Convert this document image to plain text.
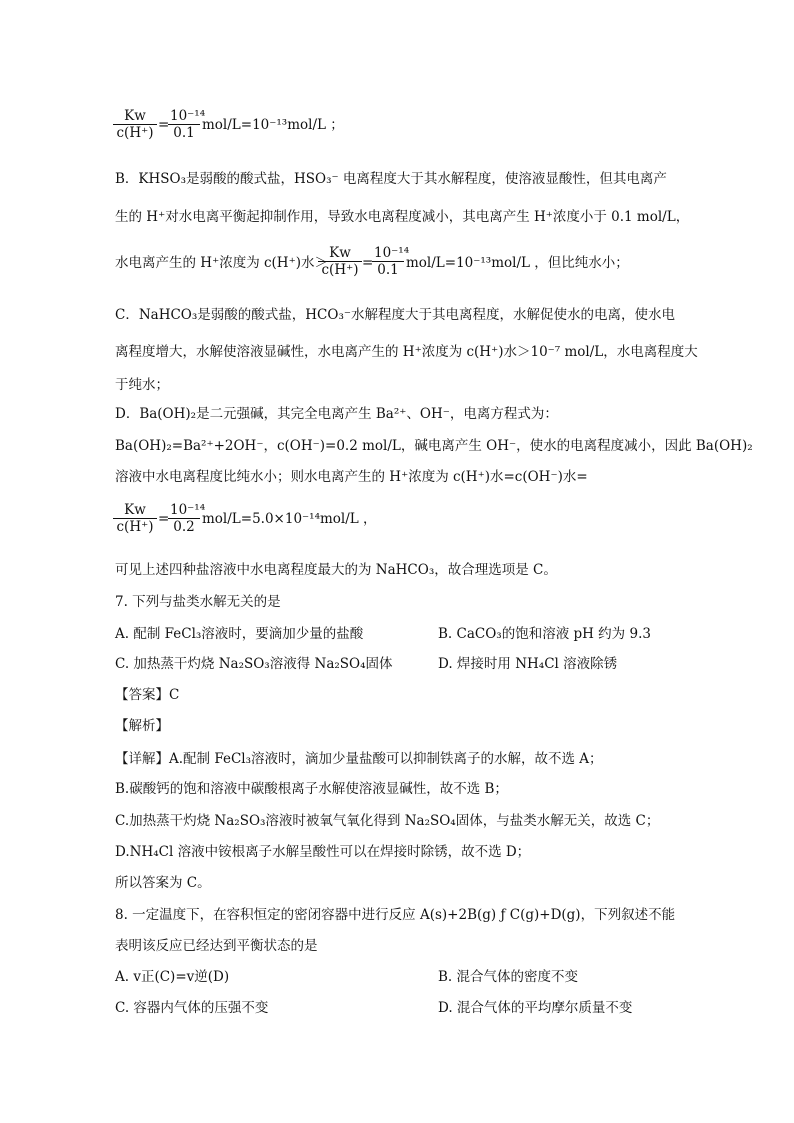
$\frac{Kw}{c(H^+)}$ =
$\frac{\text{10⁻¹⁴}}{0.1} mol/L=10^{-13}mol/L$ ；
B．KHSO₃是弱酸的酸式盐，HSO₃⁻ 电离程度大于其水解程度，使溶液显酸性，但其电离产
生的 H⁺对水电离平衡起抑制作用，导致水电离程度减小，其电离产生 H⁺浓度小于 0.1 mol/L，
水电离产生的 H⁺浓度为 c(H⁺)水＞
$\frac{Kw}{c(H^+)}$ =
$\frac{\text{10⁻¹⁴}}{0.1} mol/L=10^{-13}mol/L$ ，但比纯水小；
C．NaHCO₃是弱酸的酸式盐，HCO₃⁻水解程度大于其电离程度，水解促使水的电离，使水电
离程度增大，水解使溶液显碱性，水电离产生的 H⁺浓度为 c(H⁺)水＞10⁻⁷ mol/L，水电离程度大
于纯水；
D．Ba(OH)₂是二元强碱，其完全电离产生 Ba²⁺、OH⁻，电离方程式为：
Ba(OH)₂=Ba²⁺+2OH⁻，c(OH⁻)=0.2 mol/L，碱电离产生 OH⁻，使水的电离程度减小，因此 Ba(OH)₂
溶液中水电离程度比纯水小；则水电离产生的 H⁺浓度为 c(H⁺)水=c(OH⁻)水=
$\frac{Kw}{c(H^+)}$ =
$\frac{\text{10⁻¹⁴}}{0.2} mol/L=5.0\times 10^{-14}mol/L$ ，
可见上述四种盐溶液中水电离程度最大的为 NaHCO₃，故合理选项是 C。
7. 下列与盐类水解无关的是
A. 配制 FeCl₃溶液时，要滴加少量的盐酸	B. CaCO₃的饱和溶液 pH 约为 9.3
C. 加热蒸干灼烧 Na₂SO₃溶液得 Na₂SO₄固体	D. 焊接时用 NH₄Cl 溶液除锈
【答案】C
【解析】
【详解】A.配制 FeCl₃溶液时，滴加少量盐酸可以抑制铁离子的水解，故不选 A；
B.碳酸钙的饱和溶液中碳酸根离子水解使溶液显碱性，故不选 B；
C.加热蒸干灼烧 Na₂SO₃溶液时被氧气氧化得到 Na₂SO₄固体，与盐类水解无关，故选 C；
D.NH₄Cl 溶液中铵根离子水解呈酸性可以在焊接时除锈，故不选 D；
所以答案为 C。
8. 一定温度下，在容积恒定的密闭容器中进行反应 A(s)+2B(g) ƒ C(g)+D(g)，下列叙述不能
表明该反应已经达到平衡状态的是
A. v正(C)=v逆(D)	B. 混合气体的密度不变
C. 容器内气体的压强不变	D. 混合气体的平均摩尔质量不变
